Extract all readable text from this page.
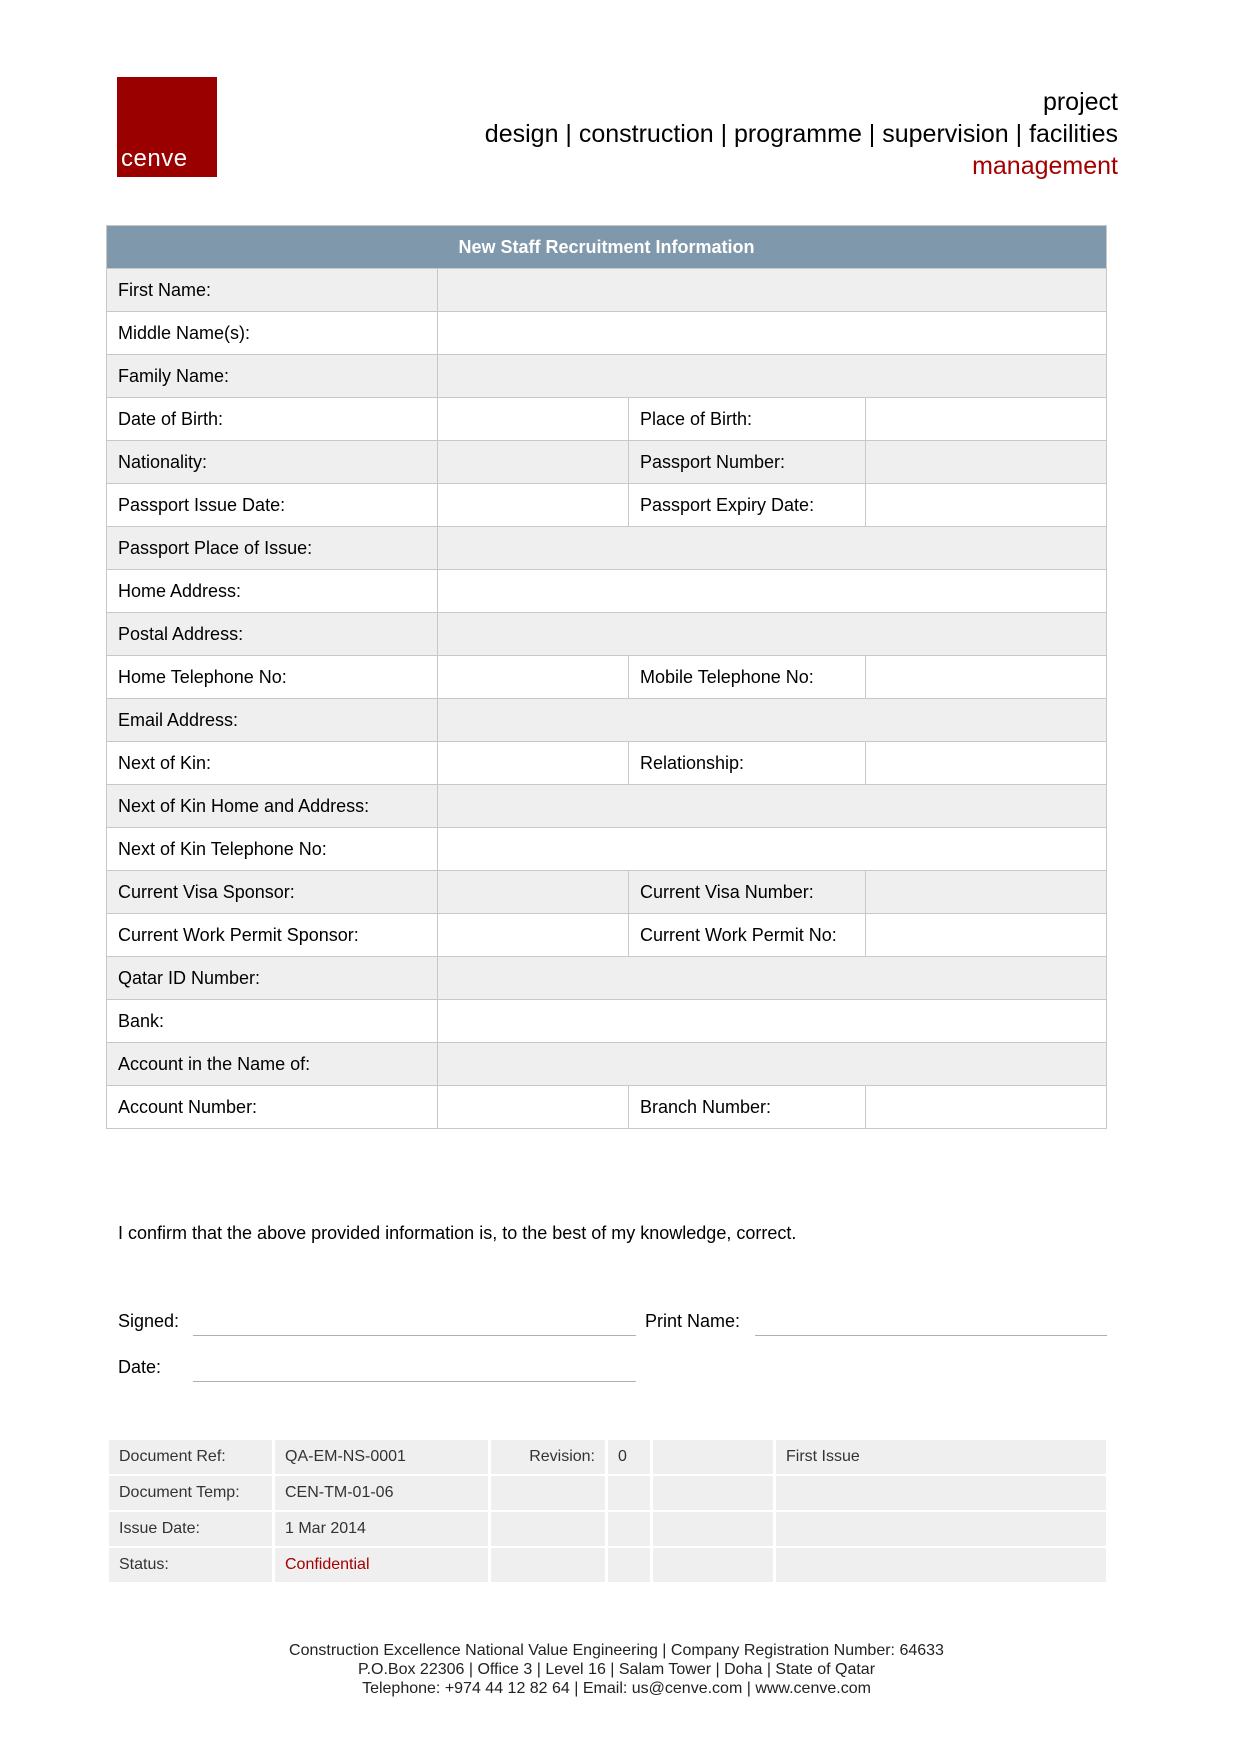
cenve
project
design | construction | programme | supervision | facilities
management
New Staff Recruitment Information			
First Name:			
Middle Name(s):			
Family Name:			
Date of Birth:		Place of Birth:	
Nationality:		Passport Number:	
Passport Issue Date:		Passport Expiry Date:	
Passport Place of Issue:			
Home Address:			
Postal Address:			
Home Telephone No:		Mobile Telephone No:	
Email Address:			
Next of Kin:		Relationship:	
Next of Kin Home and Address:			
Next of Kin Telephone No:			
Current Visa Sponsor:		Current Visa Number:	
Current Work Permit Sponsor:		Current Work Permit No:	
Qatar ID Number:			
Bank:			
Account in the Name of:			
Account Number:		Branch Number:	
I confirm that the above provided information is, to the best of my knowledge, correct.
Signed:	Print Name:
Date:
Document Ref:	QA-EM-NS-0001	Revision:	0		First Issue
Document Temp:	CEN-TM-01-06				
Issue Date:	1 Mar 2014				
Status:	Confidential				
Construction Excellence National Value Engineering | Company Registration Number: 64633
P.O.Box 22306 | Office 3 | Level 16 | Salam Tower | Doha | State of Qatar
Telephone: +974 44 12 82 64 | Email: us@cenve.com | www.cenve.com
